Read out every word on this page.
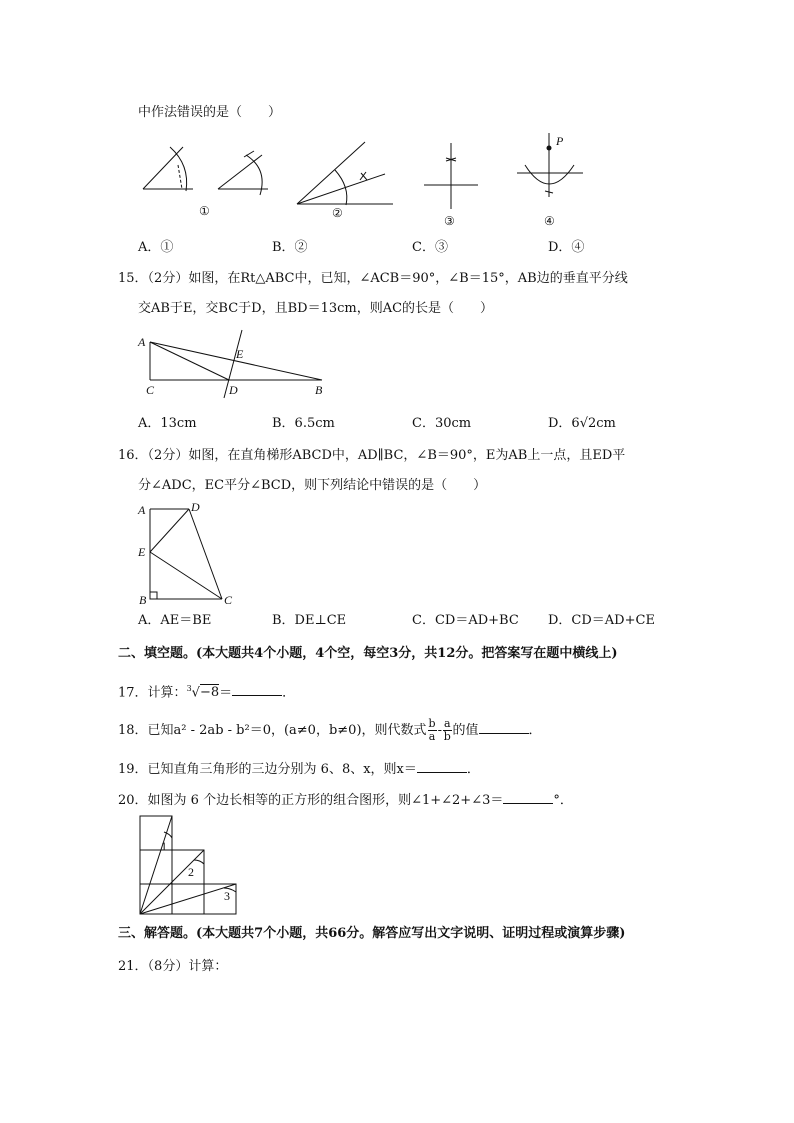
中作法错误的是（　　）
①	②
③
P
④
A．①	B．②	C．③	D．④
15．（2分）如图，在Rt△ABC中，已知，∠ACB＝90°，∠B＝15°，AB边的垂直平分线
交AB于E，交BC于D，且BD＝13cm，则AC的长是（　　）
A
C	D	B
E
A．13cm	B．6.5cm	C．30cm	D．6√2cm
16．（2分）如图，在直角梯形ABCD中，AD∥BC，∠B＝90°，E为AB上一点，且ED平
分∠ADC，EC平分∠BCD，则下列结论中错误的是（　　）
A	D
E
B	C
A．AE＝BE	B．DE⊥CE	C．CD＝AD+BC D．CD＝AD+CE
二、填空题。(本大题共4个小题，4个空，每空3分，共12分。把答案写在题中横线上)
17．计算：$^3$√−8＝	．
18．已知a² - 2ab - b²＝0，(a≠0，b≠0)，则代数式 $\frac{b}{a} - \frac{a}{b}$ 的值	．
19．已知直角三角形的三边分别为 6、8、x，则x＝	．
20．如图为 6 个边长相等的正方形的组合图形，则∠1+∠2+∠3＝	°．
1
2
3
三、解答题。(本大题共7个小题，共66分。解答应写出文字说明、证明过程或演算步骤)
21．（8分）计算：
